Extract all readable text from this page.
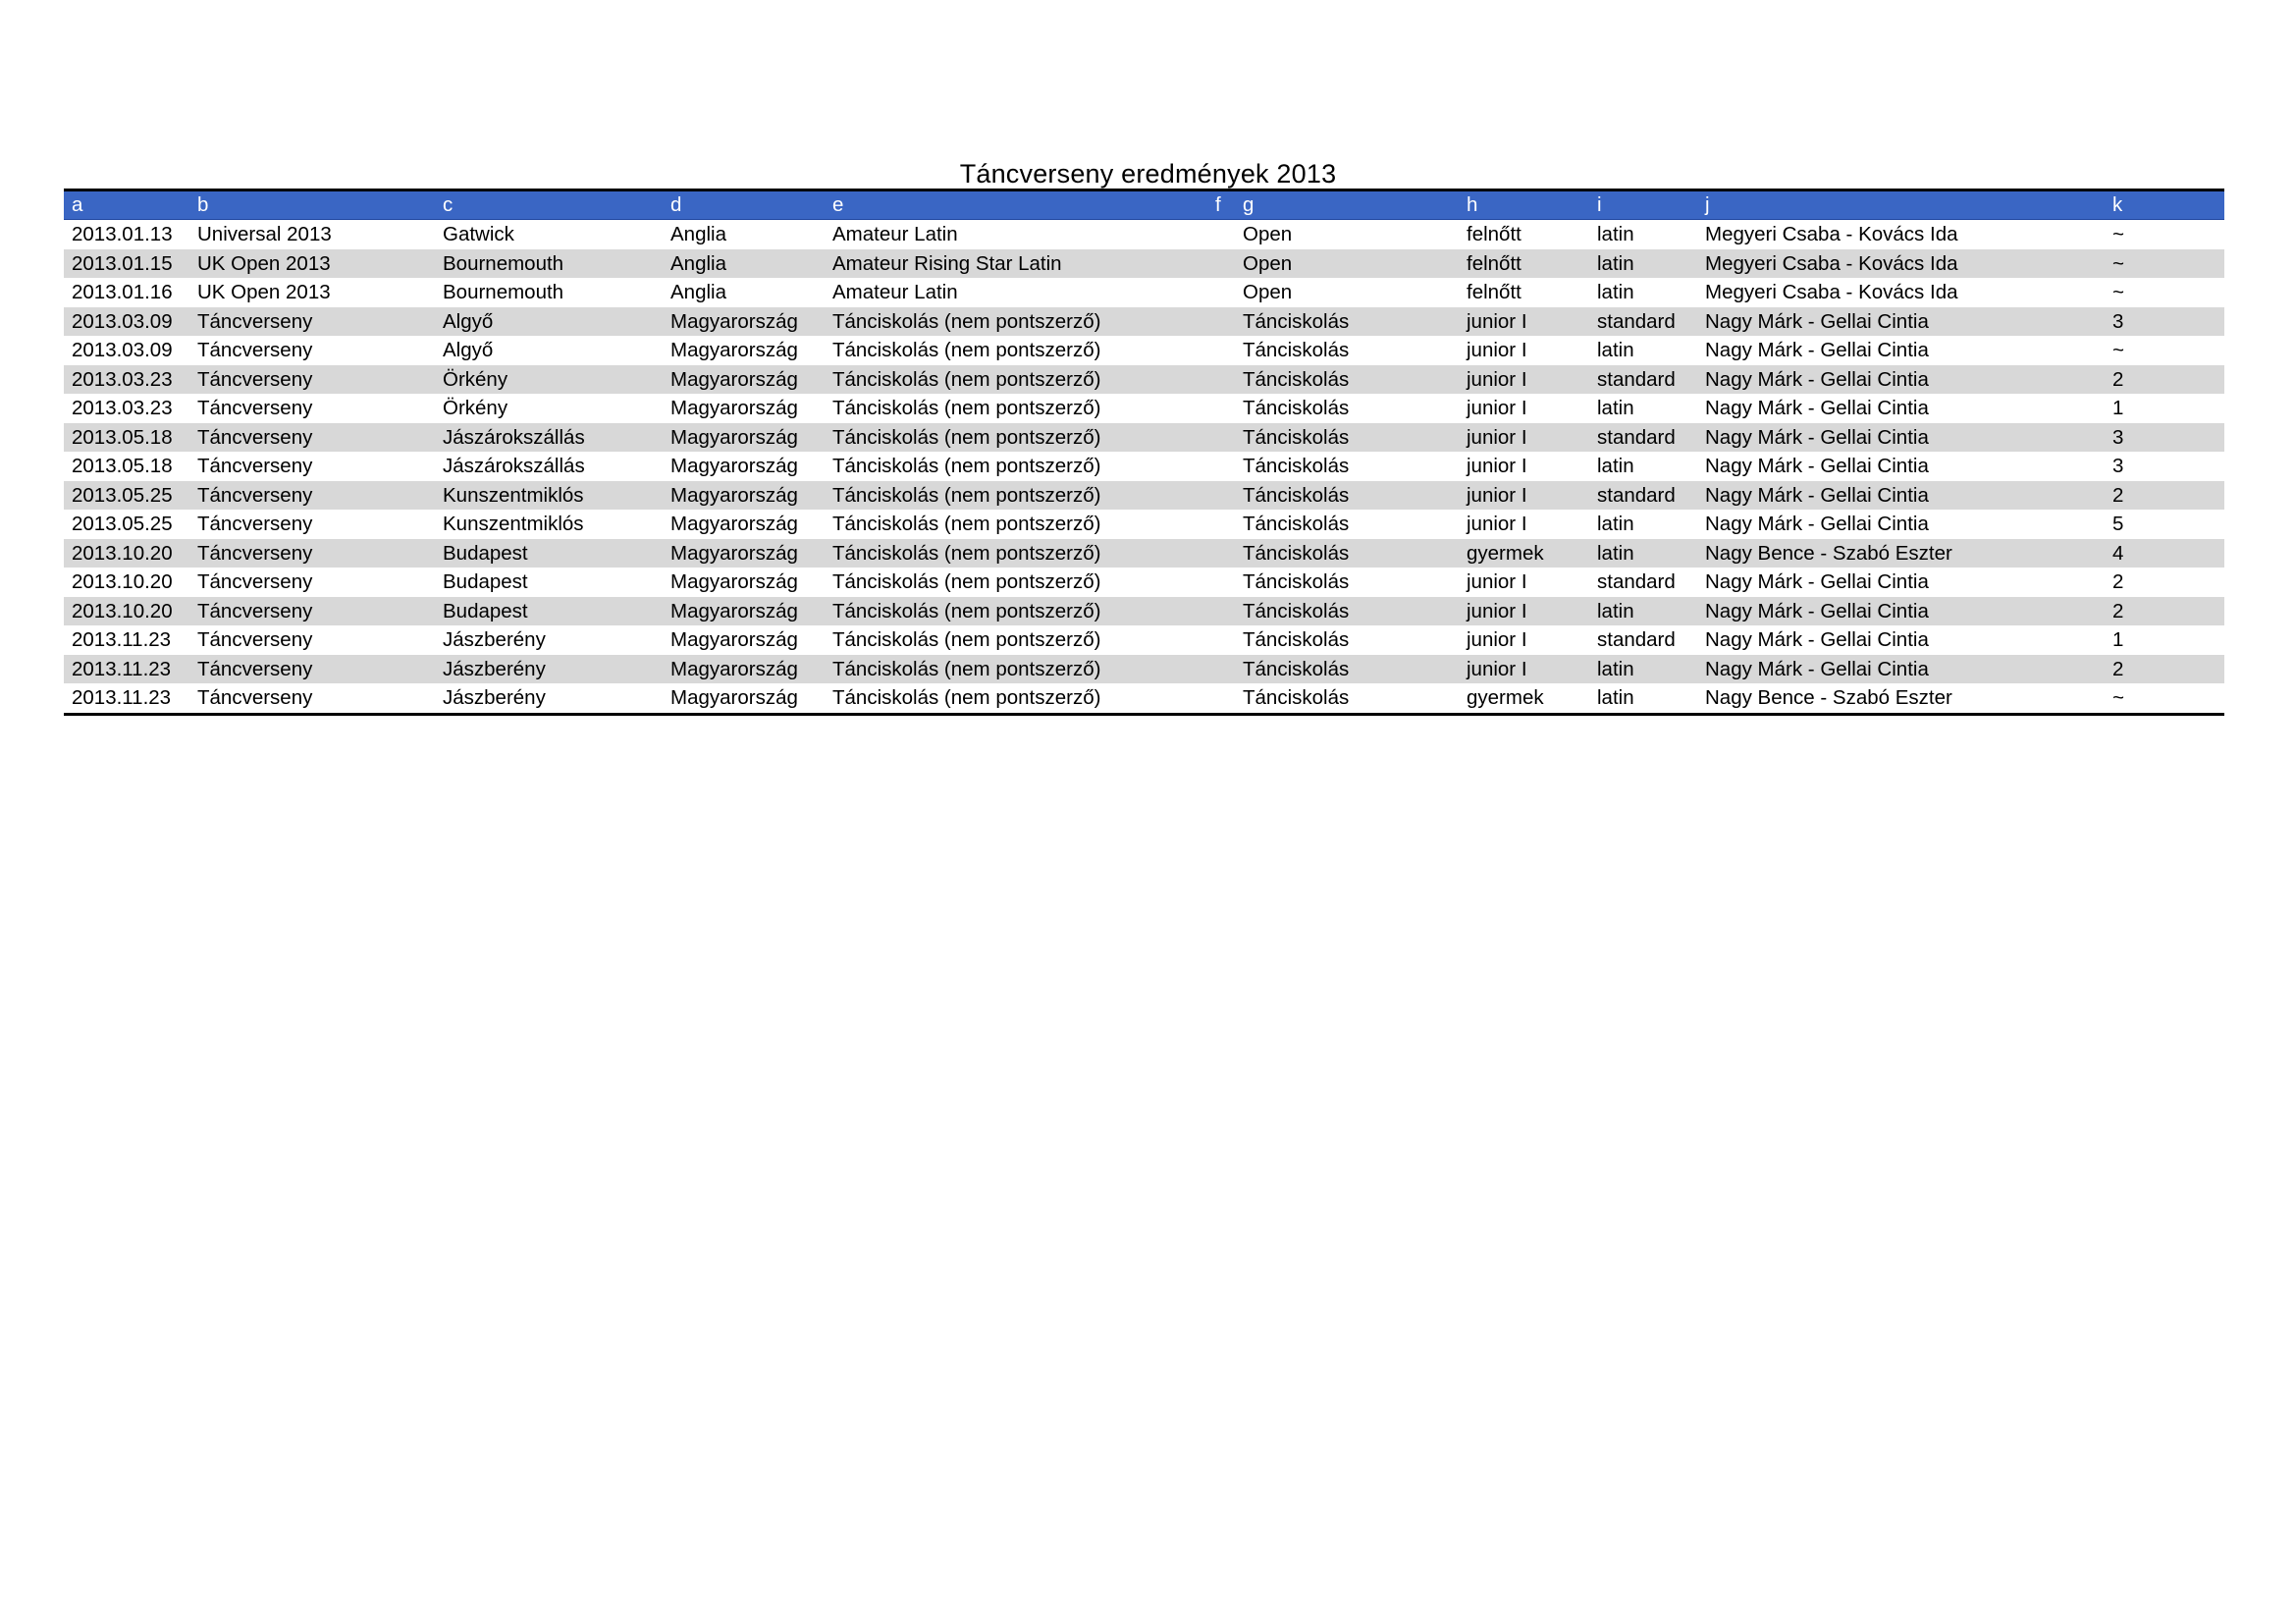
Táncverseny eredmények 2013
a	b	c	d	e	f	g	h	i	j	k
2013.01.13	Universal 2013	Gatwick	Anglia	Amateur Latin		Open	felnőtt	latin	Megyeri Csaba - Kovács Ida	~
2013.01.15	UK Open 2013	Bournemouth	Anglia	Amateur Rising Star Latin		Open	felnőtt	latin	Megyeri Csaba - Kovács Ida	~
2013.01.16	UK Open 2013	Bournemouth	Anglia	Amateur Latin		Open	felnőtt	latin	Megyeri Csaba - Kovács Ida	~
2013.03.09	Táncverseny	Algyő	Magyarország	Tánciskolás (nem pontszerző)		Tánciskolás	junior I	standard	Nagy Márk - Gellai Cintia	3
2013.03.09	Táncverseny	Algyő	Magyarország	Tánciskolás (nem pontszerző)		Tánciskolás	junior I	latin	Nagy Márk - Gellai Cintia	~
2013.03.23	Táncverseny	Örkény	Magyarország	Tánciskolás (nem pontszerző)		Tánciskolás	junior I	standard	Nagy Márk - Gellai Cintia	2
2013.03.23	Táncverseny	Örkény	Magyarország	Tánciskolás (nem pontszerző)		Tánciskolás	junior I	latin	Nagy Márk - Gellai Cintia	1
2013.05.18	Táncverseny	Jászárokszállás	Magyarország	Tánciskolás (nem pontszerző)		Tánciskolás	junior I	standard	Nagy Márk - Gellai Cintia	3
2013.05.18	Táncverseny	Jászárokszállás	Magyarország	Tánciskolás (nem pontszerző)		Tánciskolás	junior I	latin	Nagy Márk - Gellai Cintia	3
2013.05.25	Táncverseny	Kunszentmiklós	Magyarország	Tánciskolás (nem pontszerző)		Tánciskolás	junior I	standard	Nagy Márk - Gellai Cintia	2
2013.05.25	Táncverseny	Kunszentmiklós	Magyarország	Tánciskolás (nem pontszerző)		Tánciskolás	junior I	latin	Nagy Márk - Gellai Cintia	5
2013.10.20	Táncverseny	Budapest	Magyarország	Tánciskolás (nem pontszerző)		Tánciskolás	gyermek	latin	Nagy Bence - Szabó Eszter	4
2013.10.20	Táncverseny	Budapest	Magyarország	Tánciskolás (nem pontszerző)		Tánciskolás	junior I	standard	Nagy Márk - Gellai Cintia	2
2013.10.20	Táncverseny	Budapest	Magyarország	Tánciskolás (nem pontszerző)		Tánciskolás	junior I	latin	Nagy Márk - Gellai Cintia	2
2013.11.23	Táncverseny	Jászberény	Magyarország	Tánciskolás (nem pontszerző)		Tánciskolás	junior I	standard	Nagy Márk - Gellai Cintia	1
2013.11.23	Táncverseny	Jászberény	Magyarország	Tánciskolás (nem pontszerző)		Tánciskolás	junior I	latin	Nagy Márk - Gellai Cintia	2
2013.11.23	Táncverseny	Jászberény	Magyarország	Tánciskolás (nem pontszerző)		Tánciskolás	gyermek	latin	Nagy Bence - Szabó Eszter	~
